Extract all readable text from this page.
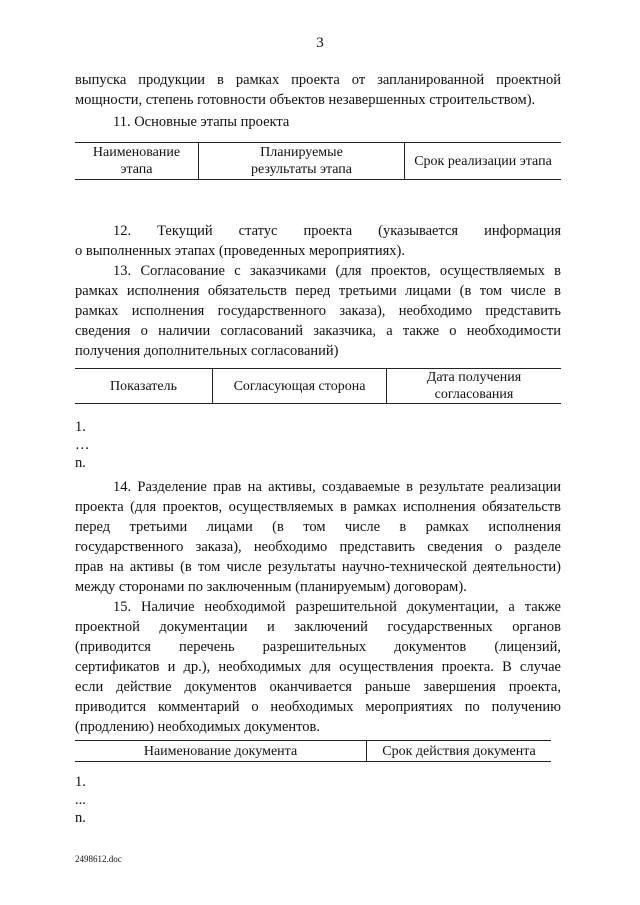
3
выпуска продукции в рамках проекта от запланированной проектной
мощности, степень готовности объектов незавершенных строительством).
11. Основные этапы проекта
Наименование
этапа
Планируемые
результаты этапа
Срок реализации этапа
12. Текущий статус проекта (указывается информация
о выполненных этапах (проведенных мероприятиях).
13. Согласование с заказчиками (для проектов, осуществляемых в
рамках исполнения обязательств перед третьими лицами (в том числе в
рамках исполнения государственного заказа), необходимо представить
сведения о наличии согласований заказчика, а также о необходимости
получения дополнительных согласований)
Показатель	Согласующая сторона
Дата получения
согласования
1.
…
n.
14. Разделение прав на активы, создаваемые в результате реализации
проекта (для проектов, осуществляемых в рамках исполнения обязательств
перед третьими лицами (в том числе в рамках исполнения
государственного заказа), необходимо представить сведения о разделе
прав на активы (в том числе результаты научно-технической деятельности)
между сторонами по заключенным (планируемым) договорам).
15. Наличие необходимой разрешительной документации, а также
проектной документации и заключений государственных органов
(приводится перечень разрешительных документов (лицензий,
сертификатов и др.), необходимых для осуществления проекта. В случае
если действие документов оканчивается раньше завершения проекта,
приводится комментарий о необходимых мероприятиях по получению
(продлению) необходимых документов.
Наименование документа	Срок действия документа
1.
...
n.
2498612.doc
